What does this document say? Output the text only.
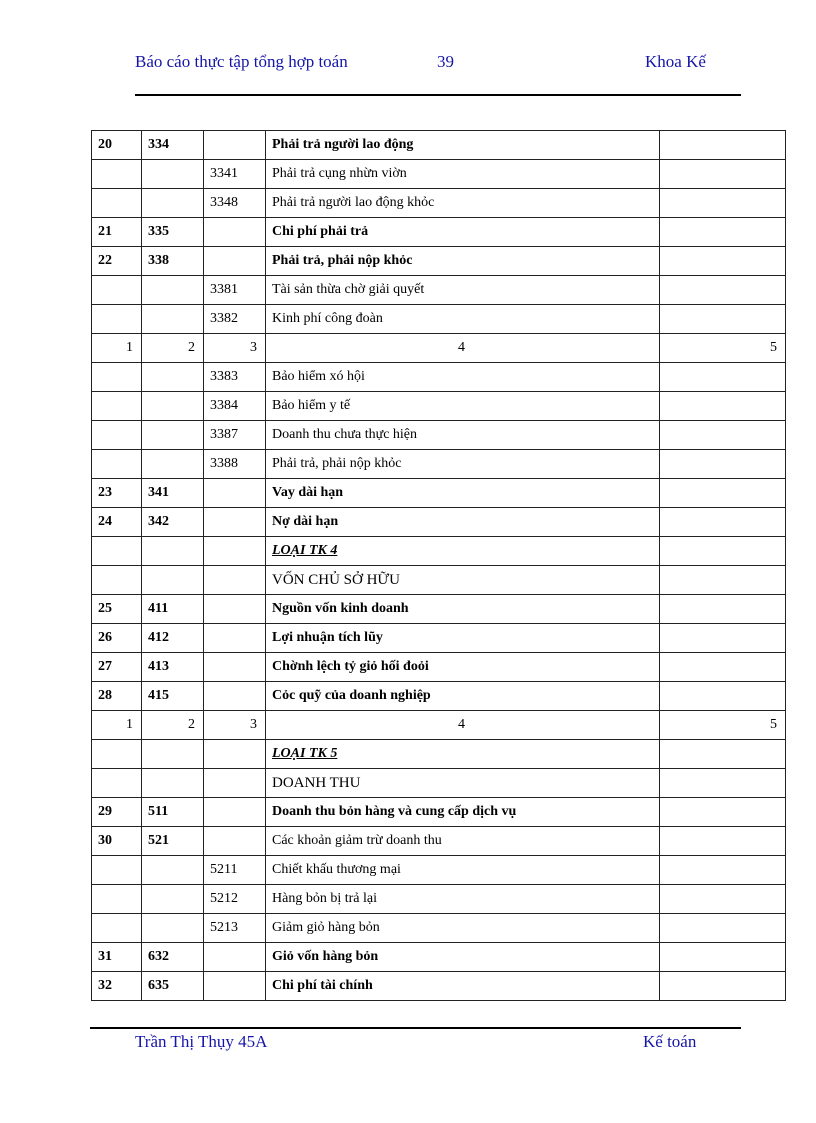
Báo cáo thực tập tổng hợp toán	39	Khoa Kế
20	334		Phải trả người lao động	
		3341	Phải trả cụng nhừn viờn	
		3348	Phải trả người lao động khỏc	
21	335		Chi phí phải trả	
22	338		Phải trả, phải nộp khỏc	
		3381	Tài sản thừa chờ giải quyết	
		3382	Kinh phí công đoàn	
1	2	3	4	5
		3383	Bảo hiểm xó hội	
		3384	Bảo hiểm y tế	
		3387	Doanh thu chưa thực hiện	
		3388	Phải trả, phải nộp khỏc	
23	341		Vay dài hạn	
24	342		Nợ dài hạn	
			LOẠI TK 4	
			VỐN CHỦ SỞ HỮU	
25	411		Nguồn vốn kinh doanh	
26	412		Lợi nhuận tích lũy	
27	413		Chờnh lệch tỷ giỏ hối đoỏi	
28	415		Cỏc quỹ của doanh nghiệp	
1	2	3	4	5
			LOẠI TK 5	
			DOANH THU	
29	511		Doanh thu bỏn hàng và cung cấp dịch vụ	
30	521		Các khoản giảm trừ doanh thu	
		5211	Chiết khấu thương mại	
		5212	Hàng bỏn bị trả lại	
		5213	Giảm giỏ hàng bỏn	
31	632		Giỏ vốn hàng bỏn	
32	635		Chi phí tài chính	
Trần Thị Thụy 45A	Kế toán
